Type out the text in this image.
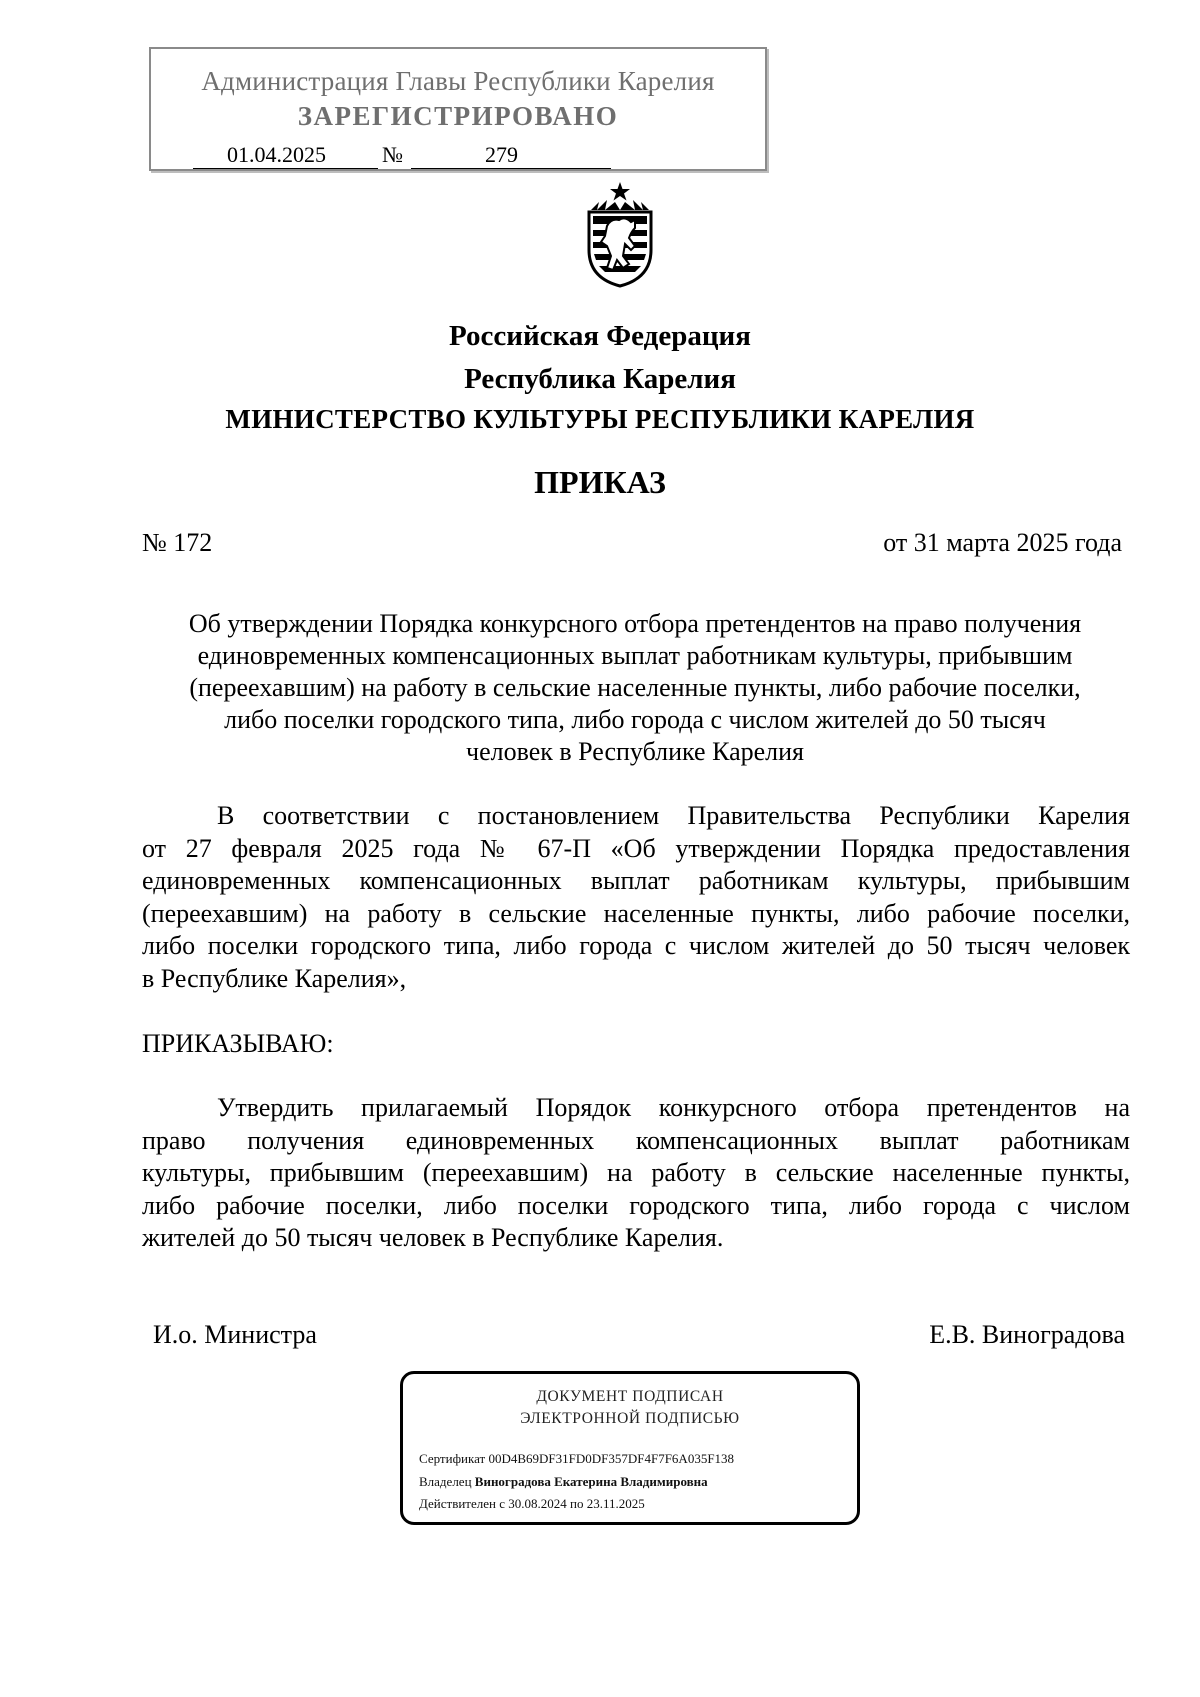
Администрация Главы Республики Карелия
ЗАРЕГИСТРИРОВАНО
01.04.2025	№	279
Российская Федерация
Республика Карелия
МИНИСТЕРСТВО КУЛЬТУРЫ РЕСПУБЛИКИ КАРЕЛИЯ
ПРИКАЗ
№ 172	от 31 марта 2025 года
Об утверждении Порядка конкурсного отбора претендентов на право получения
единовременных компенсационных выплат работникам культуры, прибывшим
(переехавшим) на работу в сельские населенные пункты, либо рабочие поселки,
либо поселки городского типа, либо города с числом жителей до 50 тысяч
человек в Республике Карелия
В соответствии с постановлением Правительства Республики Карелия
от 27 февраля 2025 года № 67-П «Об утверждении Порядка предоставления
единовременных компенсационных выплат работникам культуры, прибывшим
(переехавшим) на работу в сельские населенные пункты, либо рабочие поселки,
либо поселки городского типа, либо города с числом жителей до 50 тысяч человек
в Республике Карелия»,
ПРИКАЗЫВАЮ:
Утвердить прилагаемый Порядок конкурсного отбора претендентов на
право получения единовременных компенсационных выплат работникам
культуры, прибывшим (переехавшим) на работу в сельские населенные пункты,
либо рабочие поселки, либо поселки городского типа, либо города с числом
жителей до 50 тысяч человек в Республике Карелия.
И.о. Министра	Е.В. Виноградова
ДОКУМЕНТ ПОДПИСАН
ЭЛЕКТРОННОЙ ПОДПИСЬЮ
Сертификат 00D4B69DF31FD0DF357DF4F7F6A035F138
Владелец Виноградова Екатерина Владимировна
Действителен с 30.08.2024 по 23.11.2025
